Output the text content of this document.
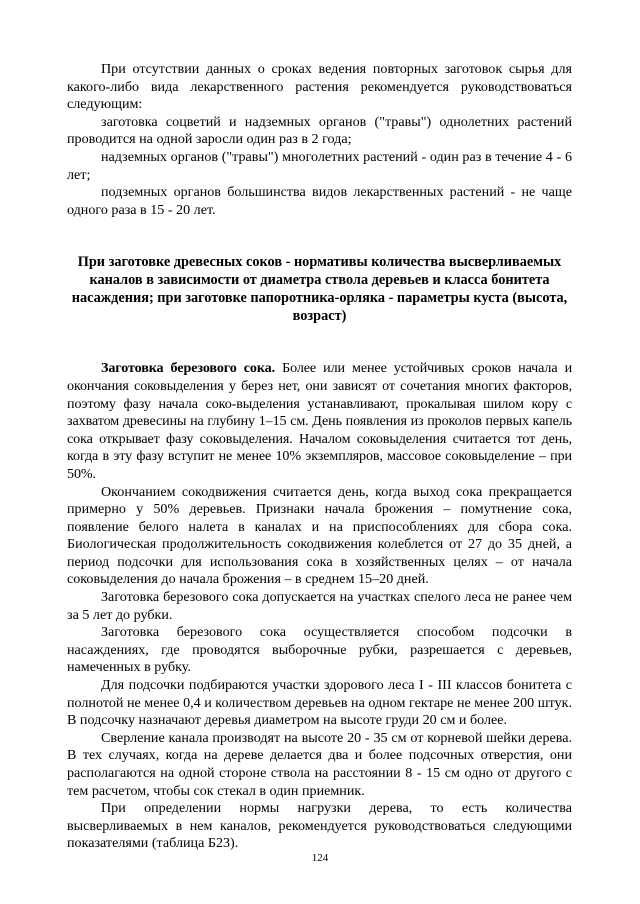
При отсутствии данных о сроках ведения повторных заготовок сырья для какого-либо вида лекарственного растения рекомендуется руководствоваться следующим:

заготовка соцветий и надземных органов ("травы") однолетних растений проводится на одной заросли один раз в 2 года;

надземных органов ("травы") многолетних растений - один раз в течение 4 - 6 лет;

подземных органов большинства видов лекарственных растений - не чаще одного раза в 15 - 20 лет.

При заготовке древесных соков - нормативы количества высверливаемых каналов в зависимости от диаметра ствола деревьев и класса бонитета насаждения; при заготовке папоротника-орляка - параметры куста (высота, возраст)

Заготовка березового сока. Более или менее устойчивых сроков начала и окончания соковыделения у берез нет, они зависят от сочетания многих факторов, поэтому фазу начала соко-выделения устанавливают, прокалывая шилом кору с захватом древесины на глубину 1–15 см. День появления из проколов первых капель сока открывает фазу соковыделения. Началом соковыделения считается тот день, когда в эту фазу вступит не менее 10% экземпляров, массовое соковыделение – при 50%.

Окончанием сокодвижения считается день, когда выход сока прекращается примерно у 50% деревьев. Признаки начала брожения – помутнение сока, появление белого налета в каналах и на приспособлениях для сбора сока. Биологическая продолжительность сокодвижения колеблется от 27 до 35 дней, а период подсочки для использования сока в хозяйственных целях – от начала соковыделения до начала брожения – в среднем 15–20 дней.

Заготовка березового сока допускается на участках спелого леса не ранее чем за 5 лет до рубки.

Заготовка березового сока осуществляется способом подсочки в насаждениях, где проводятся выборочные рубки, разрешается с деревьев, намеченных в рубку.

Для подсочки подбираются участки здорового леса I - III классов бонитета с полнотой не менее 0,4 и количеством деревьев на одном гектаре не менее 200 штук. В подсочку назначают деревья диаметром на высоте груди 20 см и более.

Сверление канала производят на высоте 20 - 35 см от корневой шейки дерева. В тех случаях, когда на дереве делается два и более подсочных отверстия, они располагаются на одной стороне ствола на расстоянии 8 - 15 см одно от другого с тем расчетом, чтобы сок стекал в один приемник.

При определении нормы нагрузки дерева, то есть количества высверливаемых в нем каналов, рекомендуется руководствоваться следующими показателями (таблица Б23).

124
